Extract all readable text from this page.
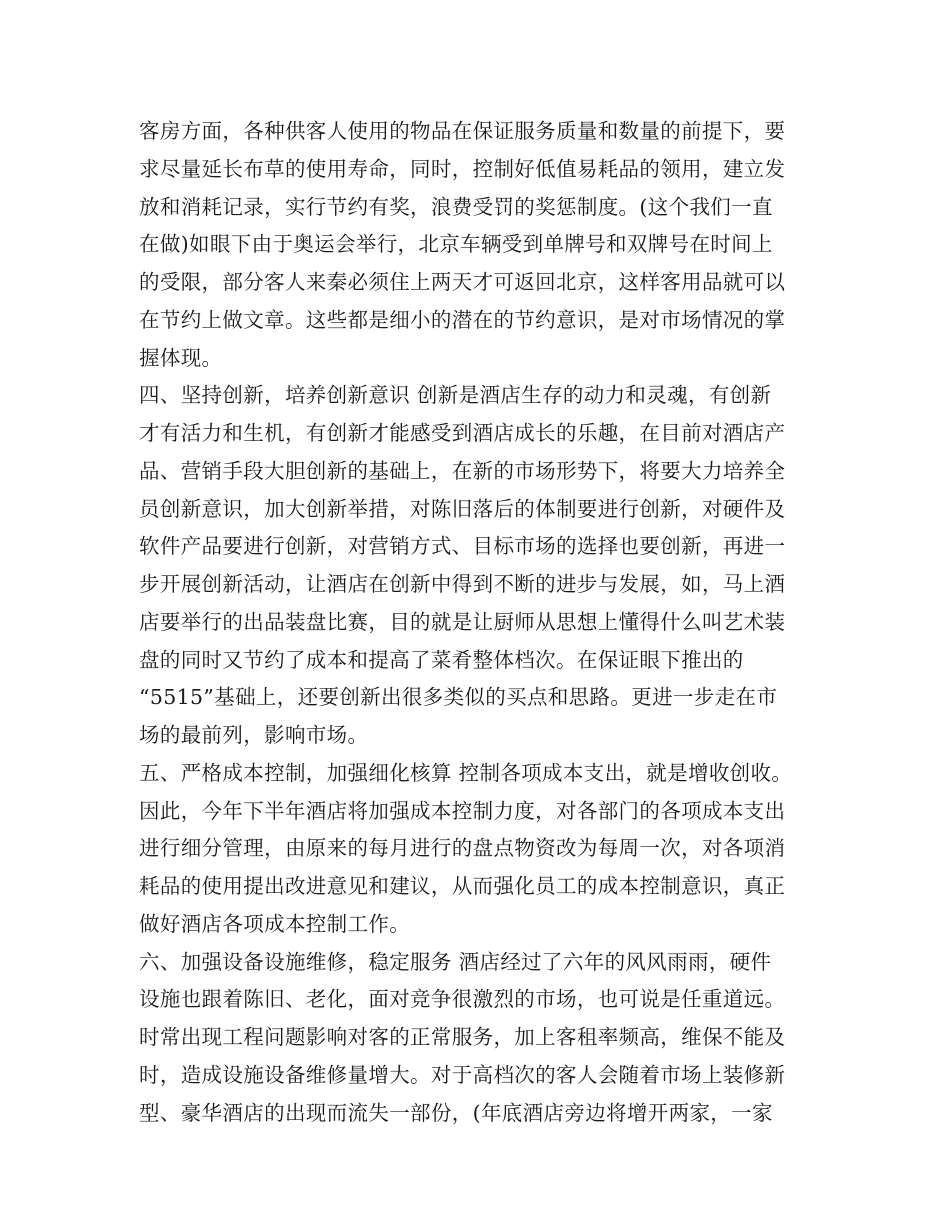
客房方面，各种供客人使用的物品在保证服务质量和数量的前提下，要
求尽量延长布草的使用寿命，同时，控制好低值易耗品的领用，建立发
放和消耗记录，实行节约有奖，浪费受罚的奖惩制度。(这个我们一直
在做)如眼下由于奥运会举行，北京车辆受到单牌号和双牌号在时间上
的受限，部分客人来秦必须住上两天才可返回北京，这样客用品就可以
在节约上做文章。这些都是细小的潜在的节约意识，是对市场情况的掌
握体现。
四、坚持创新，培养创新意识 创新是酒店生存的动力和灵魂，有创新
才有活力和生机，有创新才能感受到酒店成长的乐趣，在目前对酒店产
品、营销手段大胆创新的基础上，在新的市场形势下，将要大力培养全
员创新意识，加大创新举措，对陈旧落后的体制要进行创新，对硬件及
软件产品要进行创新，对营销方式、目标市场的选择也要创新，再进一
步开展创新活动，让酒店在创新中得到不断的进步与发展，如，马上酒
店要举行的出品装盘比赛，目的就是让厨师从思想上懂得什么叫艺术装
盘的同时又节约了成本和提高了菜肴整体档次。在保证眼下推出的
“5515”基础上，还要创新出很多类似的买点和思路。更进一步走在市
场的最前列，影响市场。
五、严格成本控制，加强细化核算 控制各项成本支出，就是增收创收。
因此，今年下半年酒店将加强成本控制力度，对各部门的各项成本支出
进行细分管理，由原来的每月进行的盘点物资改为每周一次，对各项消
耗品的使用提出改进意见和建议，从而强化员工的成本控制意识，真正
做好酒店各项成本控制工作。
六、加强设备设施维修，稳定服务 酒店经过了六年的风风雨雨，硬件
设施也跟着陈旧、老化，面对竞争很激烈的市场，也可说是任重道远。
时常出现工程问题影响对客的正常服务，加上客租率频高，维保不能及
时，造成设施设备维修量增大。对于高档次的客人会随着市场上装修新
型、豪华酒店的出现而流失一部份，(年底酒店旁边将增开两家，一家
